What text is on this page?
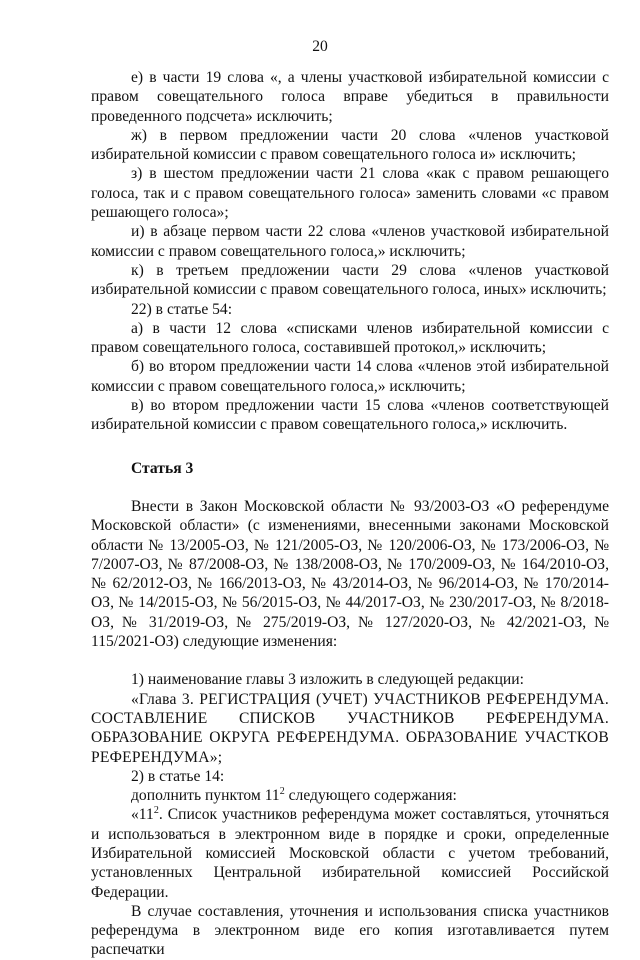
20

е) в части 19 слова «, а члены участковой избирательной комиссии с правом совещательного голоса вправе убедиться в правильности проведенного подсчета» исключить;

ж) в первом предложении части 20 слова «членов участковой избирательной комиссии с правом совещательного голоса и» исключить;

з) в шестом предложении части 21 слова «как с правом решающего голоса, так и с правом совещательного голоса» заменить словами «с правом решающего голоса»;

и) в абзаце первом части 22 слова «членов участковой избирательной комиссии с правом совещательного голоса,» исключить;

к) в третьем предложении части 29 слова «членов участковой избирательной комиссии с правом совещательного голоса, иных» исключить;

22) в статье 54:

а) в части 12 слова «списками членов избирательной комиссии с правом совещательного голоса, составившей протокол,» исключить;

б) во втором предложении части 14 слова «членов этой избирательной комиссии с правом совещательного голоса,» исключить;

в) во втором предложении части 15 слова «членов соответствующей избирательной комиссии с правом совещательного голоса,» исключить.

Статья 3

Внести в Закон Московской области № 93/2003-ОЗ «О референдуме Московской области» (с изменениями, внесенными законами Московской области № 13/2005-ОЗ, № 121/2005-ОЗ, № 120/2006-ОЗ, № 173/2006-ОЗ, № 7/2007-ОЗ, № 87/2008-ОЗ, № 138/2008-ОЗ, № 170/2009-ОЗ, № 164/2010-ОЗ, № 62/2012-ОЗ, № 166/2013-ОЗ, № 43/2014-ОЗ, № 96/2014-ОЗ, № 170/2014-ОЗ, № 14/2015-ОЗ, № 56/2015-ОЗ, № 44/2017-ОЗ, № 230/2017-ОЗ, № 8/2018-ОЗ, № 31/2019-ОЗ, № 275/2019-ОЗ, № 127/2020-ОЗ, № 42/2021-ОЗ, № 115/2021-ОЗ) следующие изменения:

1) наименование главы 3 изложить в следующей редакции:

«Глава 3. РЕГИСТРАЦИЯ (УЧЕТ) УЧАСТНИКОВ РЕФЕРЕНДУМА. СОСТАВЛЕНИЕ СПИСКОВ УЧАСТНИКОВ РЕФЕРЕНДУМА. ОБРАЗОВАНИЕ ОКРУГА РЕФЕРЕНДУМА. ОБРАЗОВАНИЕ УЧАСТКОВ РЕФЕРЕНДУМА»;

2) в статье 14:

дополнить пунктом $11^2$ следующего содержания:

«$11^2$. Список участников референдума может составляться, уточняться и использоваться в электронном виде в порядке и сроки, определенные Избирательной комиссией Московской области с учетом требований, установленных Центральной избирательной комиссией Российской Федерации.

В случае составления, уточнения и использования списка участников референдума в электронном виде его копия изготавливается путем распечатки
